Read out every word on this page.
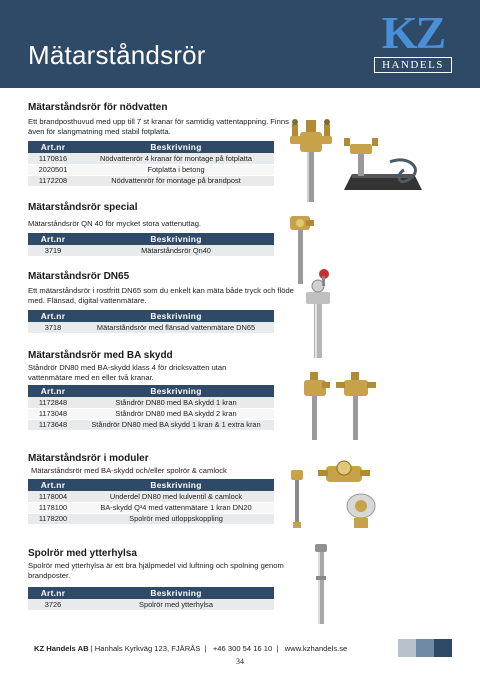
Mätarståndsrör	KZ
HANDELS
Mätarståndsrör för nödvatten
Ett brandposthuvud med upp till 7 st kranar för samtidig vattentappning. Finns även för slangmatning med stabil fotplatta.
Art.nr	Beskrivning
1170816	Nödvattenrör 4 kranar för montage på fotplatta
2020501	Fotplatta i betong
1172208	Nödvattenrör för montage på brandpost
Mätarståndsrör special
Mätarståndsrör QN 40 för mycket stora vattenuttag.
Art.nr	Beskrivning
3719	Mätarståndsrör Qn40
Mätarståndsrör DN65
Ett mätarståndsrör i rostfritt DN65 som du enkelt kan mäta både tryck och flöde med. Flänsad, digital vattenmätare.
Art.nr	Beskrivning
3718	Mätarståndsrör med flänsad vattenmätare DN65
Mätarståndsrör med BA skydd
Ståndrör DN80 med BA-skydd klass 4 för dricksvatten utan vattenmätare med en eller två kranar.
Art.nr	Beskrivning
1172848	Ståndrör DN80 med BA skydd 1 kran
1173048	Ståndrör DN80 med BA skydd 2 kran
1173648	Ståndrör DN80 med BA skydd 1 kran & 1 extra kran
Mätarståndsrör i moduler
Mätarståndsrör med BA-skydd och/eller spolrör & camlock
Art.nr	Beskrivning
1178004	Underdel DN80 med kulventil & camlock
1178100	BA-skydd Q³4 med vattenmätare 1 kran DN20
1178200	Spolrör med utloppskoppling
Spolrör med ytterhylsa
Spolrör med ytterhylsa är ett bra hjälpmedel vid luftning och spolning genom brandposter.
Art.nr	Beskrivning
3726	Spolrör med ytterhylsa
KZ Handels AB | Hanhals Kyrkväg 123, FJÄRÅS  |   +46 300 54 16 10  |   www.kzhandels.se
34
